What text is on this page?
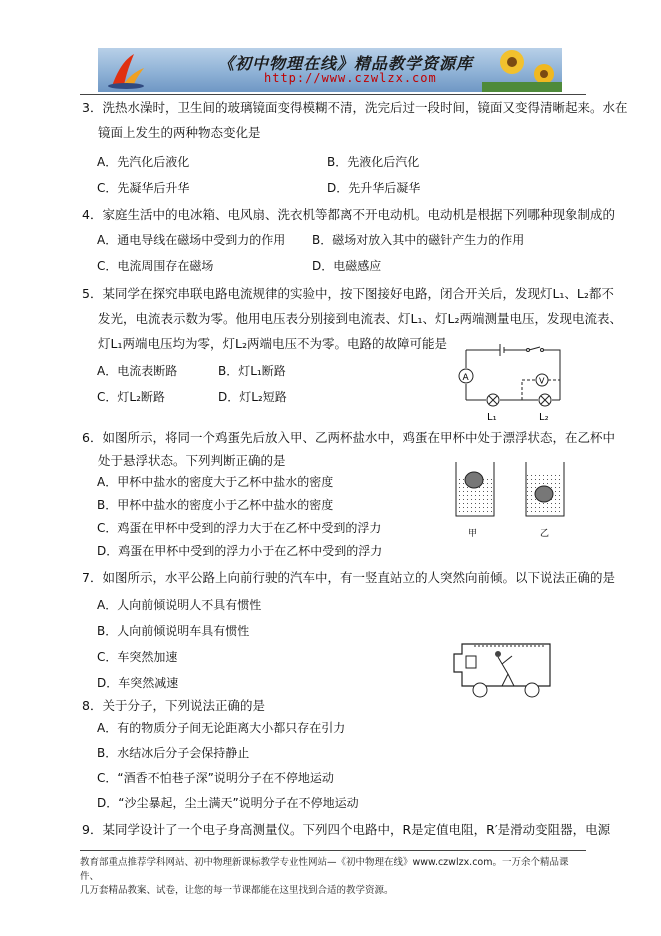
《初中物理在线》精品教学资源库
http://www.czwlzx.com
3．洗热水澡时，卫生间的玻璃镜面变得模糊不清，洗完后过一段时间，镜面又变得清晰起来。水在
镜面上发生的两种物态变化是
A．先汽化后液化	B．先液化后汽化
C．先凝华后升华	D．先升华后凝华
4．家庭生活中的电冰箱、电风扇、洗衣机等都离不开电动机。电动机是根据下列哪种现象制成的
A．通电导线在磁场中受到力的作用 B．磁场对放入其中的磁针产生力的作用
C．电流周围存在磁场	D．电磁感应
5．某同学在探究串联电路电流规律的实验中，按下图接好电路，闭合开关后，发现灯L₁、L₂都不
发光，电流表示数为零。他用电压表分别接到电流表、灯L₁、灯L₂两端测量电压，发现电流表、
灯L₁两端电压均为零，灯L₂两端电压不为零。电路的故障可能是
A．电流表断路	B．灯L₁断路
C．灯L₂断路	D．灯L₂短路
A	V
L₁	L₂
6．如图所示，将同一个鸡蛋先后放入甲、乙两杯盐水中，鸡蛋在甲杯中处于漂浮状态，在乙杯中
处于悬浮状态。下列判断正确的是
A．甲杯中盐水的密度大于乙杯中盐水的密度
B．甲杯中盐水的密度小于乙杯中盐水的密度
C．鸡蛋在甲杯中受到的浮力大于在乙杯中受到的浮力
D．鸡蛋在甲杯中受到的浮力小于在乙杯中受到的浮力
甲	乙
7．如图所示，水平公路上向前行驶的汽车中，有一竖直站立的人突然向前倾。以下说法正确的是
A．人向前倾说明人不具有惯性
B．人向前倾说明车具有惯性
C．车突然加速
D．车突然减速
8．关于分子，下列说法正确的是
A．有的物质分子间无论距离大小都只存在引力
B．水结冰后分子会保持静止
C．“酒香不怕巷子深”说明分子在不停地运动
D．“沙尘暴起，尘土满天”说明分子在不停地运动
9．某同学设计了一个电子身高测量仪。下列四个电路中，R是定值电阻，R′是滑动变阻器，电源
教育部重点推荐学科网站、初中物理新课标教学专业性网站—《初中物理在线》www.czwlzx.com。一万余个精品课件、
几万套精品教案、试卷，让您的每一节课都能在这里找到合适的教学资源。
